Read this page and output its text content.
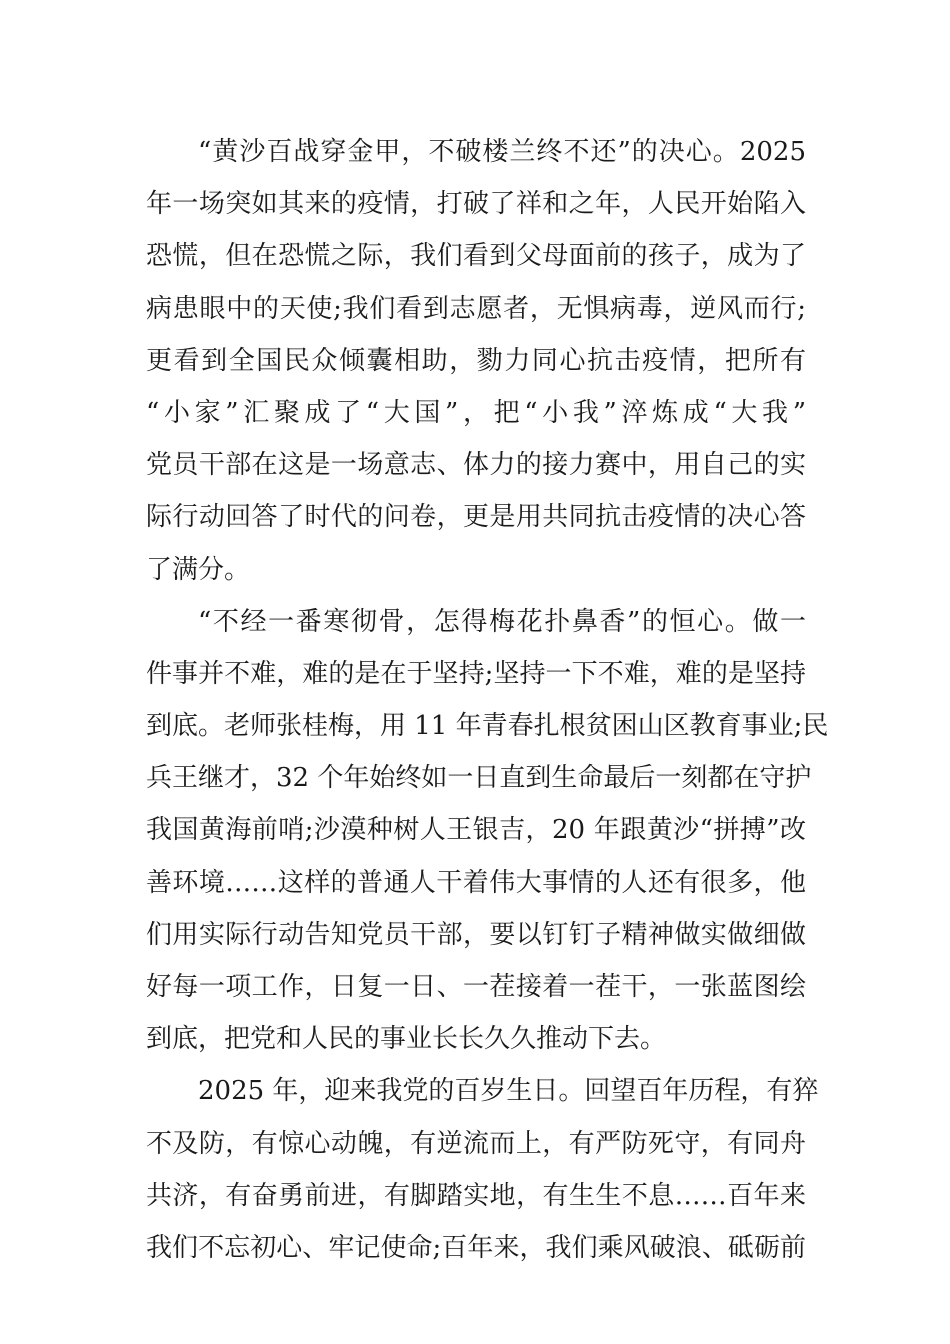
“黄沙百战穿金甲，不破楼兰终不还”的决心。2025
年一场突如其来的疫情，打破了祥和之年，人民开始陷入
恐慌，但在恐慌之际，我们看到父母面前的孩子，成为了
病患眼中的天使;我们看到志愿者，无惧病毒，逆风而行;
更看到全国民众倾囊相助，勠力同心抗击疫情，把所有
“小家”汇聚成了“大国”，把“小我”淬炼成“大我”
党员干部在这是一场意志、体力的接力赛中，用自己的实
际行动回答了时代的问卷，更是用共同抗击疫情的决心答
了满分。
“不经一番寒彻骨，怎得梅花扑鼻香”的恒心。做一
件事并不难，难的是在于坚持;坚持一下不难，难的是坚持
到底。老师张桂梅，用 11 年青春扎根贫困山区教育事业;民
兵王继才，32 个年始终如一日直到生命最后一刻都在守护
我国黄海前哨;沙漠种树人王银吉，20 年跟黄沙“拼搏”改
善环境……这样的普通人干着伟大事情的人还有很多，他
们用实际行动告知党员干部，要以钉钉子精神做实做细做
好每一项工作，日复一日、一茬接着一茬干，一张蓝图绘
到底，把党和人民的事业长长久久推动下去。
2025 年，迎来我党的百岁生日。回望百年历程，有猝
不及防，有惊心动魄，有逆流而上，有严防死守，有同舟
共济，有奋勇前进，有脚踏实地，有生生不息……百年来
我们不忘初心、牢记使命;百年来，我们乘风破浪、砥砺前
